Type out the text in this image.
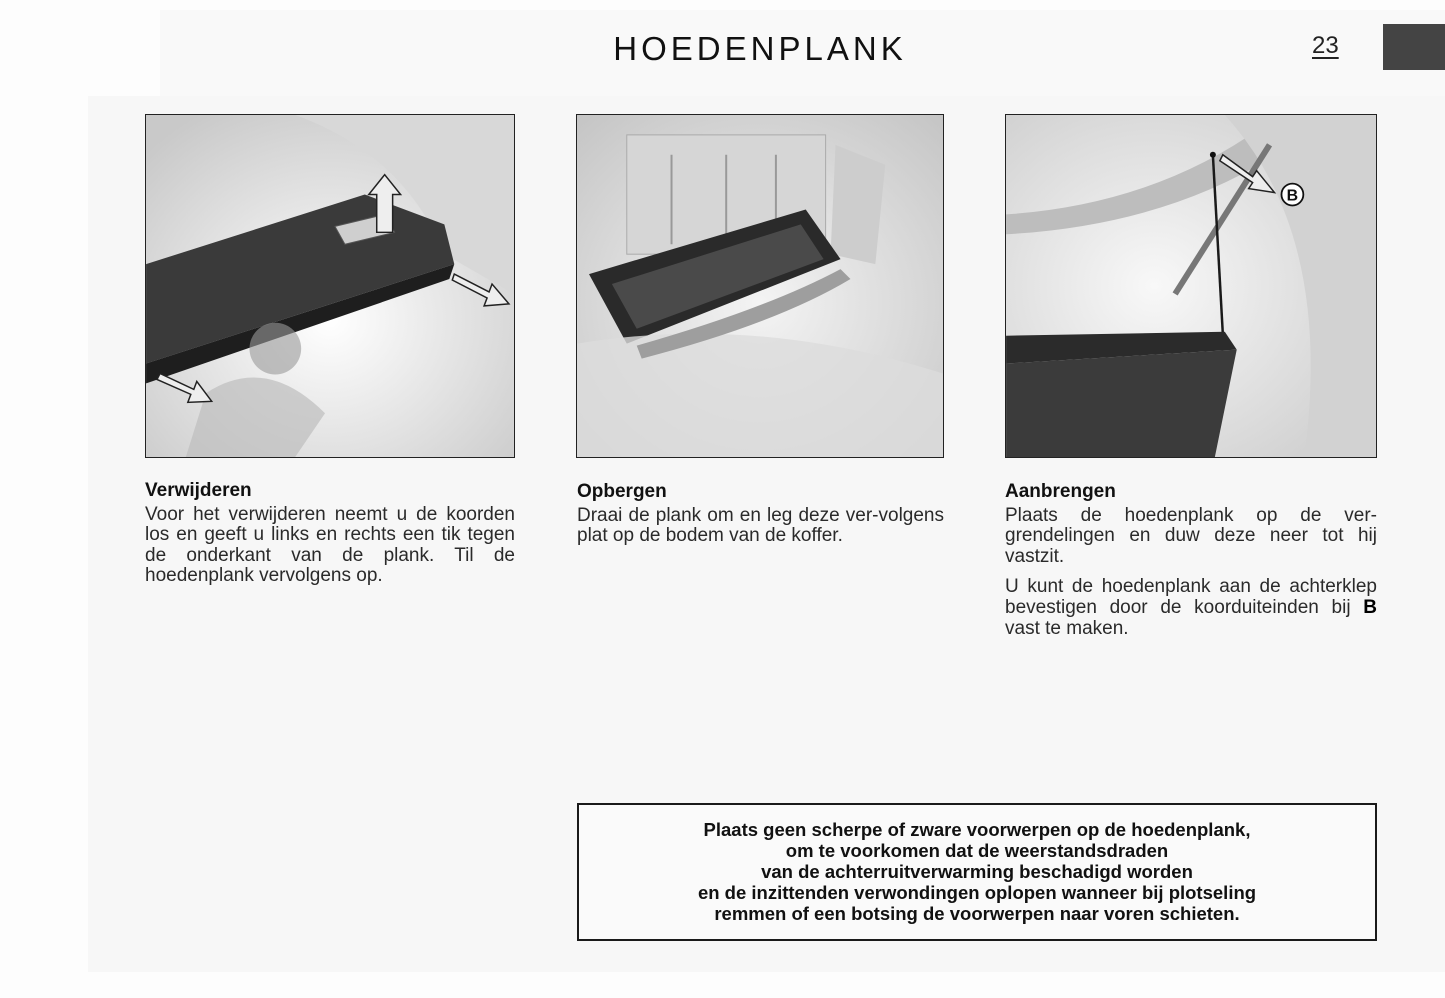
HOEDENPLANK	23
B
Verwijderen

Voor het verwijderen neemt u de koorden los en geeft u links en rechts een tik tegen de onderkant van de plank. Til de hoedenplank vervolgens op.

Opbergen

Draai de plank om en leg deze ver-volgens plat op de bodem van de koffer.

Aanbrengen

Plaats de hoedenplank op de ver-grendelingen en duw deze neer tot hij vastzit.

U kunt de hoedenplank aan de achterklep bevestigen door de koorduiteinden bij B vast te maken.

Plaats geen scherpe of zware voorwerpen op de hoedenplank,
om te voorkomen dat de weerstandsdraden
van de achterruitverwarming beschadigd worden
en de inzittenden verwondingen oplopen wanneer bij plotseling
remmen of een botsing de voorwerpen naar voren schieten.
